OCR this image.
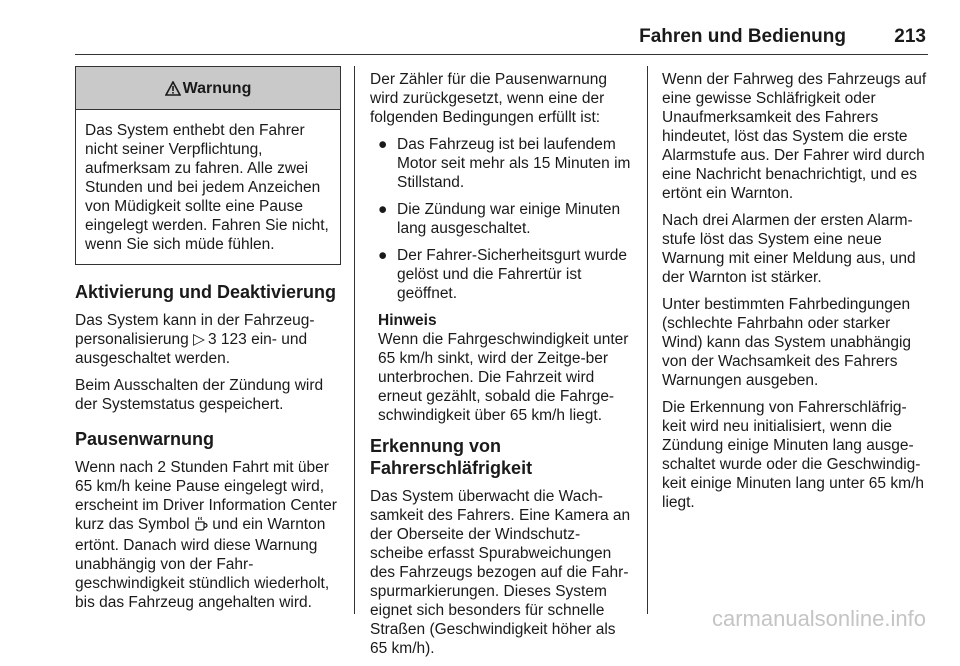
Fahren und Bedienung	213
Warnung
Das System enthebt den Fahrer nicht seiner Verpflichtung, aufmerksam zu fahren. Alle zwei Stunden und bei jedem Anzeichen von Müdigkeit sollte eine Pause eingelegt werden. Fahren Sie nicht, wenn Sie sich müde fühlen.
Aktivierung und Deaktivierung

Das System kann in der Fahrzeug-personalisierung ▷ 3 123 ein- und ausgeschaltet werden.

Beim Ausschalten der Zündung wird der Systemstatus gespeichert.

Pausenwarnung

Wenn nach 2 Stunden Fahrt mit über 65 km/h keine Pause eingelegt wird, erscheint im Driver Information Center kurz das Symbol  und ein Warnton ertönt. Danach wird diese Warnung unabhängig von der Fahr-geschwindigkeit stündlich wiederholt, bis das Fahrzeug angehalten wird.

Der Zähler für die Pausenwarnung wird zurückgesetzt, wenn eine der folgenden Bedingungen erfüllt ist:

● Das Fahrzeug ist bei laufendem Motor seit mehr als 15 Minuten im Stillstand.
● Die Zündung war einige Minuten lang ausgeschaltet.
● Der Fahrer-Sicherheitsgurt wurde gelöst und die Fahrertür ist geöffnet.
Hinweis
Wenn die Fahrgeschwindigkeit unter 65 km/h sinkt, wird der Zeitge-ber unterbrochen. Die Fahrzeit wird erneut gezählt, sobald die Fahrge-schwindigkeit über 65 km/h liegt.
Erkennung von Fahrerschläfrigkeit

Das System überwacht die Wach-samkeit des Fahrers. Eine Kamera an der Oberseite der Windschutz-scheibe erfasst Spurabweichungen des Fahrzeugs bezogen auf die Fahr-spurmarkierungen. Dieses System eignet sich besonders für schnelle Straßen (Geschwindigkeit höher als 65 km/h).

Wenn der Fahrweg des Fahrzeugs auf eine gewisse Schläfrigkeit oder Unaufmerksamkeit des Fahrers hindeutet, löst das System die erste Alarmstufe aus. Der Fahrer wird durch eine Nachricht benachrichtigt, und es ertönt ein Warnton.

Nach drei Alarmen der ersten Alarm-stufe löst das System eine neue Warnung mit einer Meldung aus, und der Warnton ist stärker.

Unter bestimmten Fahrbedingungen (schlechte Fahrbahn oder starker Wind) kann das System unabhängig von der Wachsamkeit des Fahrers Warnungen ausgeben.

Die Erkennung von Fahrerschläfrig-keit wird neu initialisiert, wenn die Zündung einige Minuten lang ausge-schaltet wurde oder die Geschwindig-keit einige Minuten lang unter 65 km/h liegt.

carmanualsonline.info
